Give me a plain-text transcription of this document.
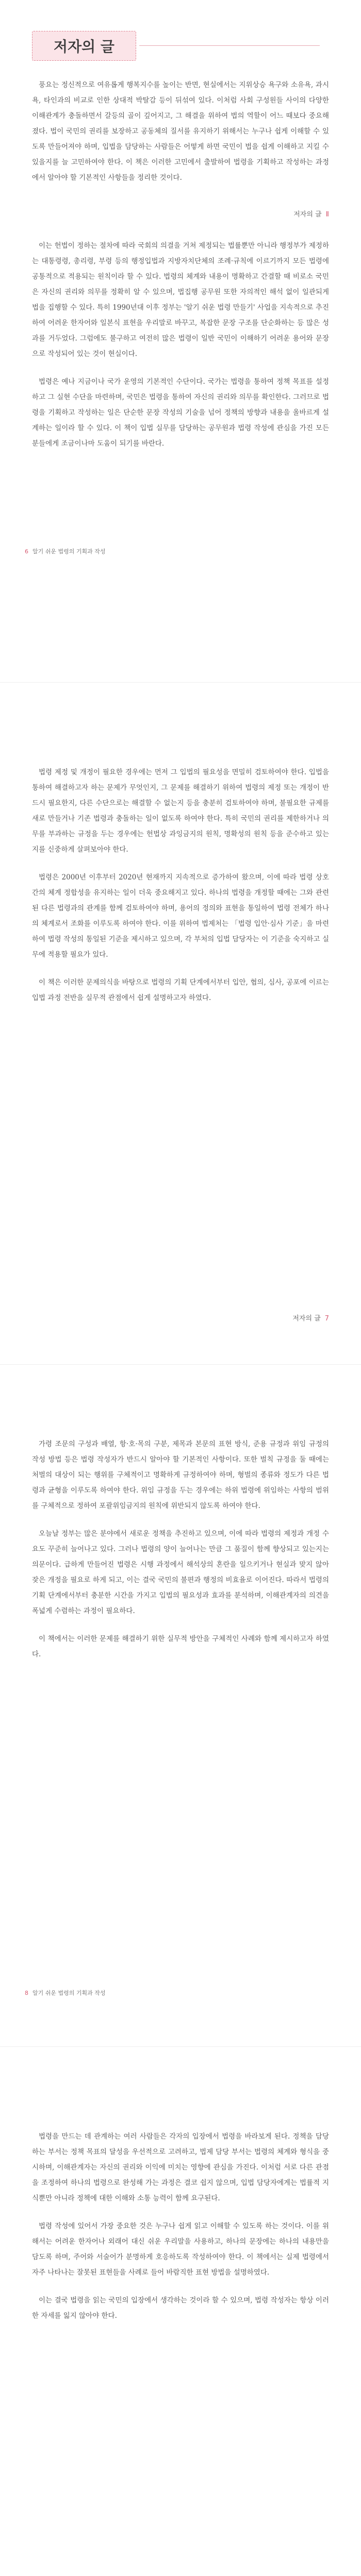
저자의 글

풍요는 정신적으로 여유롭게 행복지수를 높이는 반면, 현실에서는 지위상승 욕구와 소유욕, 과시욕, 타인과의 비교로 인한 상대적 박탈감 등이 뒤섞여 있다. 이처럼 사회 구성원들 사이의 다양한 이해관계가 충돌하면서 갈등의 골이 깊어지고, 그 해결을 위하여 법의 역할이 어느 때보다 중요해졌다. 법이 국민의 권리를 보장하고 공동체의 질서를 유지하기 위해서는 누구나 쉽게 이해할 수 있도록 만들어져야 하며, 입법을 담당하는 사람들은 어떻게 하면 국민이 법을 쉽게 이해하고 지킬 수 있을지를 늘 고민하여야 한다. 이 책은 이러한 고민에서 출발하여 법령을 기획하고 작성하는 과정에서 알아야 할 기본적인 사항들을 정리한 것이다.

저자의 글 Ⅱ

이는 헌법이 정하는 절차에 따라 국회의 의결을 거쳐 제정되는 법률뿐만 아니라 행정부가 제정하는 대통령령, 총리령, 부령 등의 행정입법과 지방자치단체의 조례·규칙에 이르기까지 모든 법령에 공통적으로 적용되는 원칙이라 할 수 있다. 법령의 체계와 내용이 명확하고 간결할 때 비로소 국민은 자신의 권리와 의무를 정확히 알 수 있으며, 법집행 공무원 또한 자의적인 해석 없이 일관되게 법을 집행할 수 있다. 특히 1990년대 이후 정부는 '알기 쉬운 법령 만들기' 사업을 지속적으로 추진하여 어려운 한자어와 일본식 표현을 우리말로 바꾸고, 복잡한 문장 구조를 단순화하는 등 많은 성과를 거두었다. 그럼에도 불구하고 여전히 많은 법령이 일반 국민이 이해하기 어려운 용어와 문장으로 작성되어 있는 것이 현실이다.

법령은 예나 지금이나 국가 운영의 기본적인 수단이다. 국가는 법령을 통하여 정책 목표를 설정하고 그 실현 수단을 마련하며, 국민은 법령을 통하여 자신의 권리와 의무를 확인한다. 그러므로 법령을 기획하고 작성하는 일은 단순한 문장 작성의 기술을 넘어 정책의 방향과 내용을 올바르게 설계하는 일이라 할 수 있다. 이 책이 입법 실무를 담당하는 공무원과 법령 작성에 관심을 가진 모든 분들에게 조금이나마 도움이 되기를 바란다.

6 알기 쉬운 법령의 기획과 작성

법령 제정 및 개정이 필요한 경우에는 먼저 그 입법의 필요성을 면밀히 검토하여야 한다. 입법을 통하여 해결하고자 하는 문제가 무엇인지, 그 문제를 해결하기 위하여 법령의 제정 또는 개정이 반드시 필요한지, 다른 수단으로는 해결할 수 없는지 등을 충분히 검토하여야 하며, 불필요한 규제를 새로 만들거나 기존 법령과 충돌하는 일이 없도록 하여야 한다. 특히 국민의 권리를 제한하거나 의무를 부과하는 규정을 두는 경우에는 헌법상 과잉금지의 원칙, 명확성의 원칙 등을 준수하고 있는지를 신중하게 살펴보아야 한다.

법령은 2000년 이후부터 2020년 현재까지 지속적으로 증가하여 왔으며, 이에 따라 법령 상호 간의 체계 정합성을 유지하는 일이 더욱 중요해지고 있다. 하나의 법령을 개정할 때에는 그와 관련된 다른 법령과의 관계를 함께 검토하여야 하며, 용어의 정의와 표현을 통일하여 법령 전체가 하나의 체계로서 조화를 이루도록 하여야 한다. 이를 위하여 법제처는 「법령 입안·심사 기준」을 마련하여 법령 작성의 통일된 기준을 제시하고 있으며, 각 부처의 입법 담당자는 이 기준을 숙지하고 실무에 적용할 필요가 있다.

이 책은 이러한 문제의식을 바탕으로 법령의 기획 단계에서부터 입안, 협의, 심사, 공포에 이르는 입법 과정 전반을 실무적 관점에서 쉽게 설명하고자 하였다.

저자의 글 7

가령 조문의 구성과 배열, 항·호·목의 구분, 제목과 본문의 표현 방식, 준용 규정과 위임 규정의 작성 방법 등은 법령 작성자가 반드시 알아야 할 기본적인 사항이다. 또한 벌칙 규정을 둘 때에는 처벌의 대상이 되는 행위를 구체적이고 명확하게 규정하여야 하며, 형벌의 종류와 정도가 다른 법령과 균형을 이루도록 하여야 한다. 위임 규정을 두는 경우에는 하위 법령에 위임하는 사항의 범위를 구체적으로 정하여 포괄위임금지의 원칙에 위반되지 않도록 하여야 한다.

오늘날 정부는 많은 분야에서 새로운 정책을 추진하고 있으며, 이에 따라 법령의 제정과 개정 수요도 꾸준히 늘어나고 있다. 그러나 법령의 양이 늘어나는 만큼 그 품질이 함께 향상되고 있는지는 의문이다. 급하게 만들어진 법령은 시행 과정에서 해석상의 혼란을 일으키거나 현실과 맞지 않아 잦은 개정을 필요로 하게 되고, 이는 결국 국민의 불편과 행정의 비효율로 이어진다. 따라서 법령의 기획 단계에서부터 충분한 시간을 가지고 입법의 필요성과 효과를 분석하며, 이해관계자의 의견을 폭넓게 수렴하는 과정이 필요하다.

이 책에서는 이러한 문제를 해결하기 위한 실무적 방안을 구체적인 사례와 함께 제시하고자 하였다.

8 알기 쉬운 법령의 기획과 작성

법령을 만드는 데 관계하는 여러 사람들은 각자의 입장에서 법령을 바라보게 된다. 정책을 담당하는 부서는 정책 목표의 달성을 우선적으로 고려하고, 법제 담당 부서는 법령의 체계와 형식을 중시하며, 이해관계자는 자신의 권리와 이익에 미치는 영향에 관심을 가진다. 이처럼 서로 다른 관점을 조정하여 하나의 법령으로 완성해 가는 과정은 결코 쉽지 않으며, 입법 담당자에게는 법률적 지식뿐만 아니라 정책에 대한 이해와 소통 능력이 함께 요구된다.

법령 작성에 있어서 가장 중요한 것은 누구나 쉽게 읽고 이해할 수 있도록 하는 것이다. 이를 위해서는 어려운 한자어나 외래어 대신 쉬운 우리말을 사용하고, 하나의 문장에는 하나의 내용만을 담도록 하며, 주어와 서술어가 분명하게 호응하도록 작성하여야 한다. 이 책에서는 실제 법령에서 자주 나타나는 잘못된 표현들을 사례로 들어 바람직한 표현 방법을 설명하였다.

이는 결국 법령을 읽는 국민의 입장에서 생각하는 것이라 할 수 있으며, 법령 작성자는 항상 이러한 자세를 잃지 않아야 한다.
